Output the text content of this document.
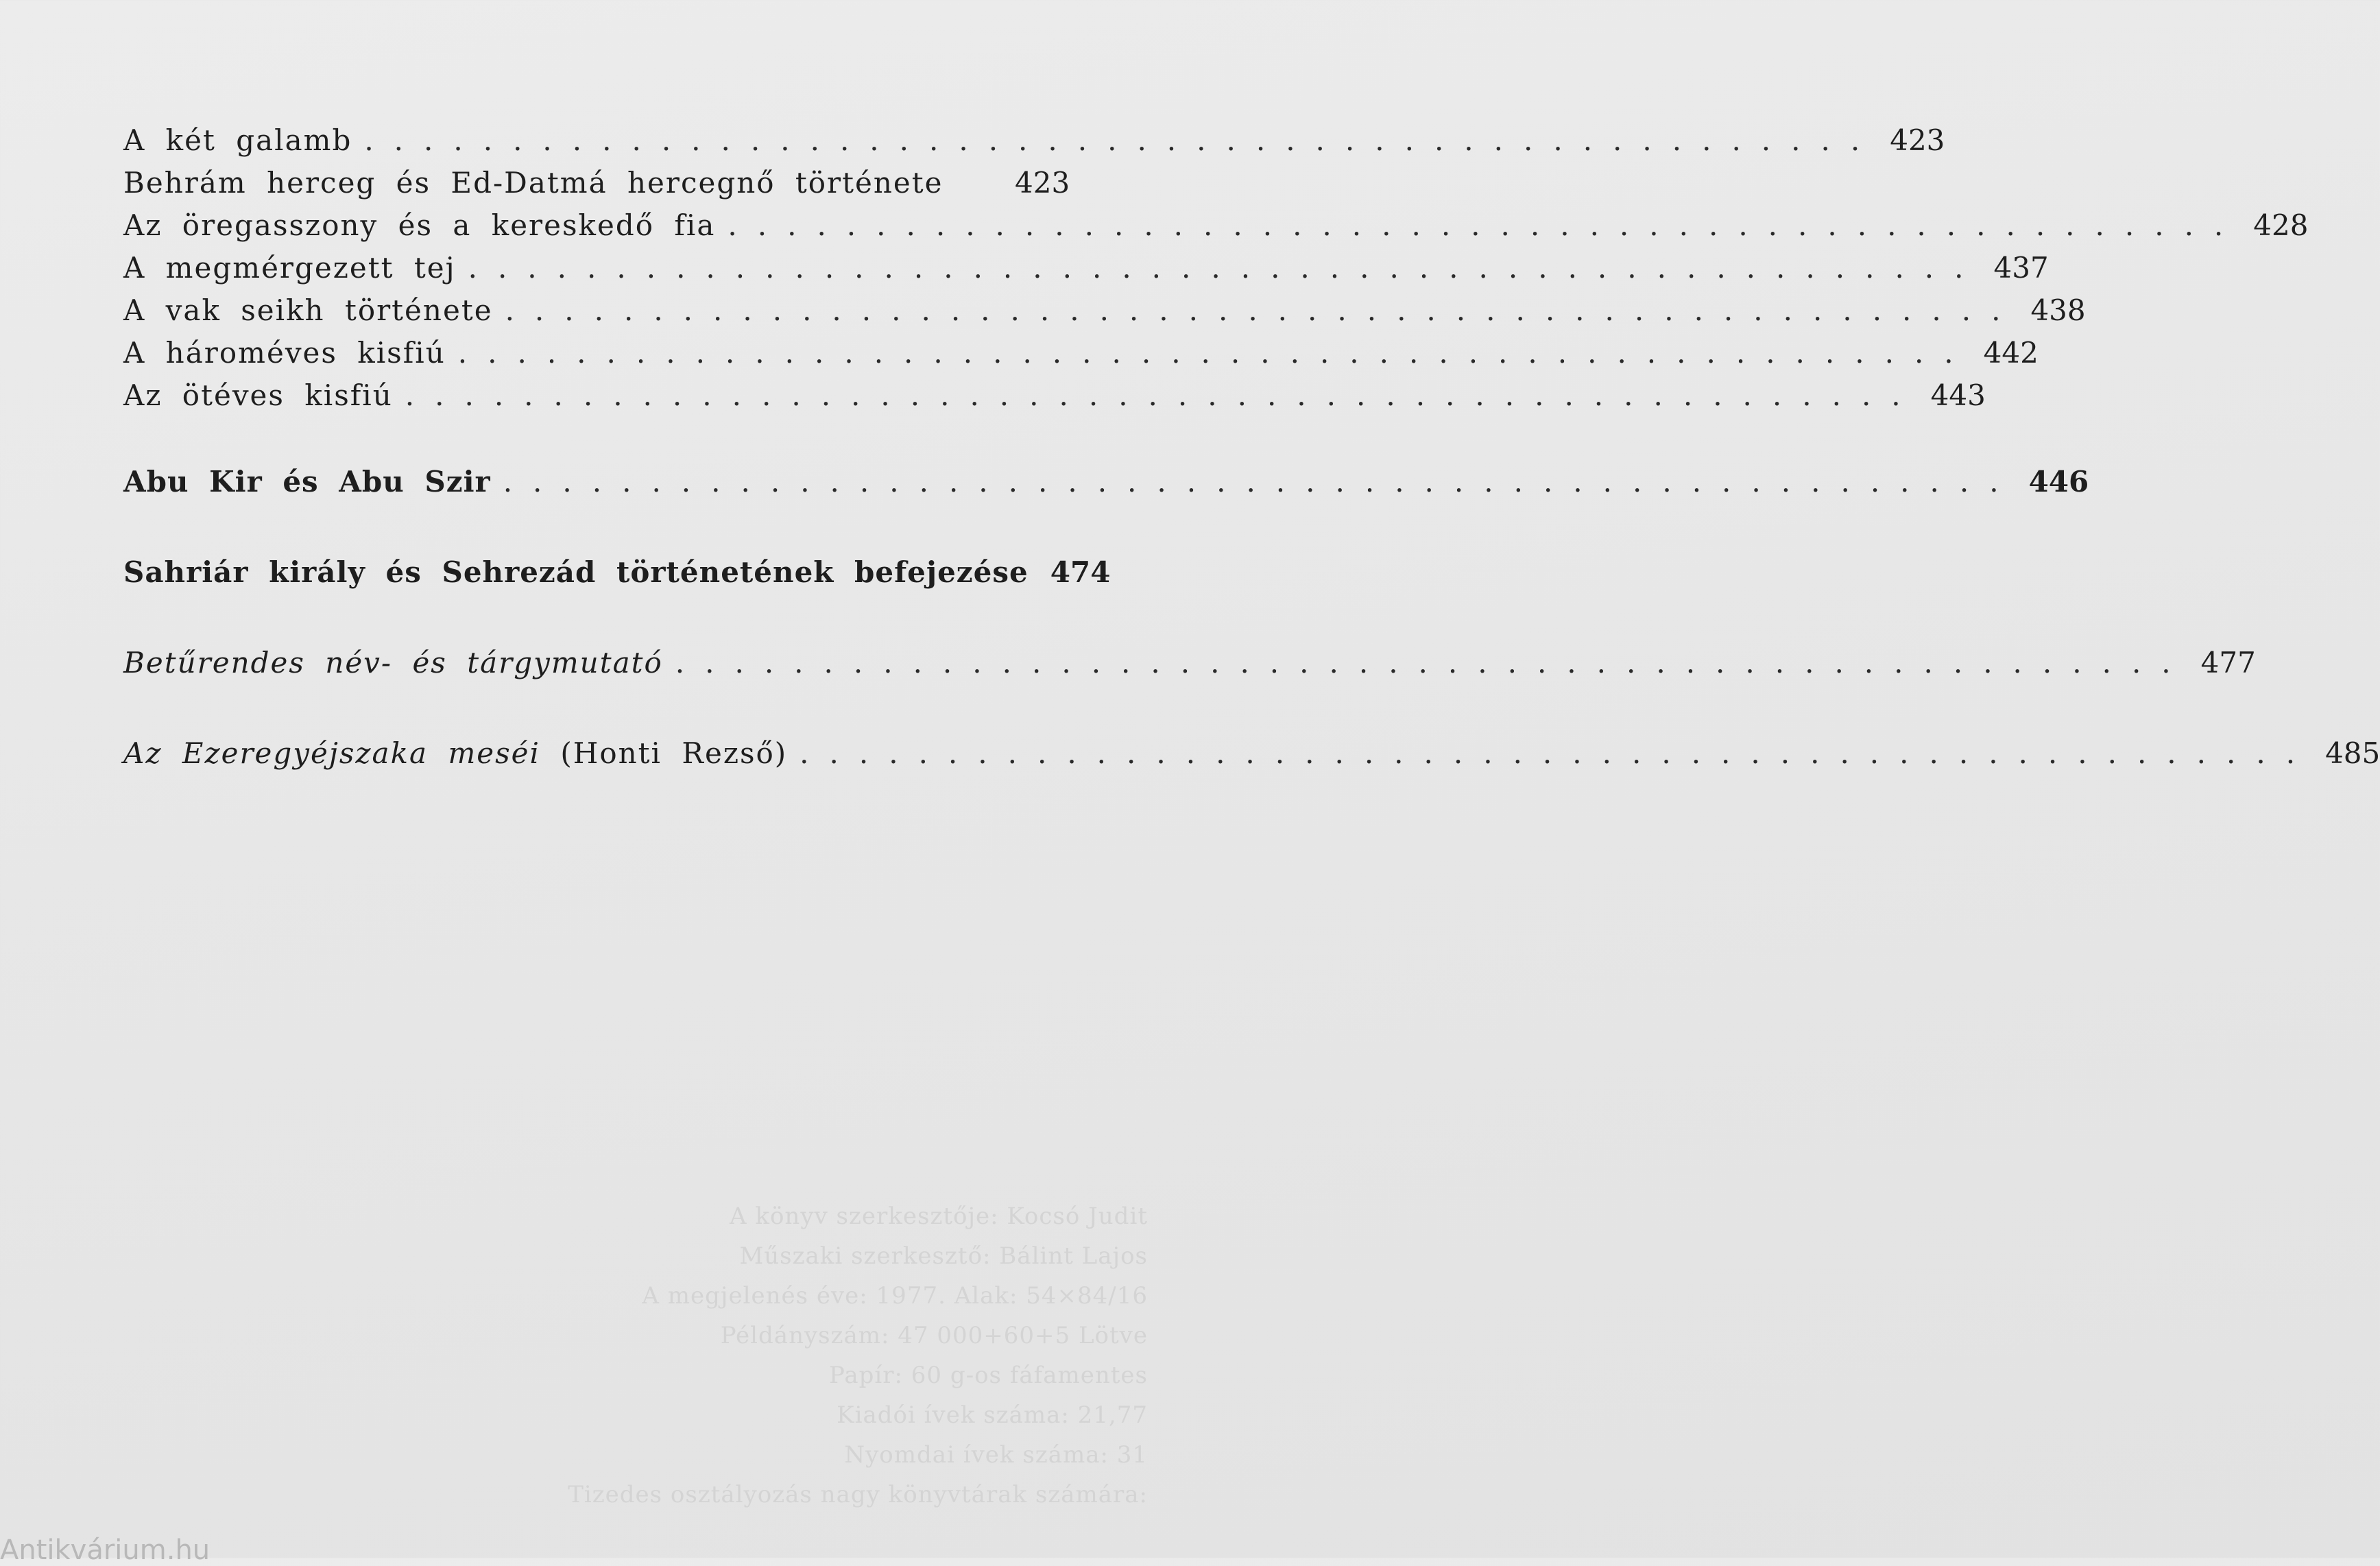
A két galamb ................................................... 423
Behrám herceg és Ed-Datmá hercegnő története 423
Az öregasszony és a kereskedő fia ................................................... 428
A megmérgezett tej ................................................... 437
A vak seikh története ................................................... 438
A hároméves kisfiú ................................................... 442
Az ötéves kisfiú ................................................... 443
Abu Kir és Abu Szir ................................................... 446
Sahriár király és Sehrezád történetének befejezése 474
Betűrendes név- és tárgymutató ................................................... 477
Az Ezeregyéjszaka meséi (Honti Rezső) ................................................... 485
A könyv szerkesztője: Kocsó Judit
Műszaki szerkesztő: Bálint Lajos
A megjelenés éve: 1977. Alak: 54×84/16
Példányszám: 47 000+60+5 Lötve
Papír: 60 g-os fáfamentes
Kiadói ívek száma: 21,77
Nyomdai ívek száma: 31
Tizedes osztályozás nagy könyvtárak számára:
Antikvárium.hu
